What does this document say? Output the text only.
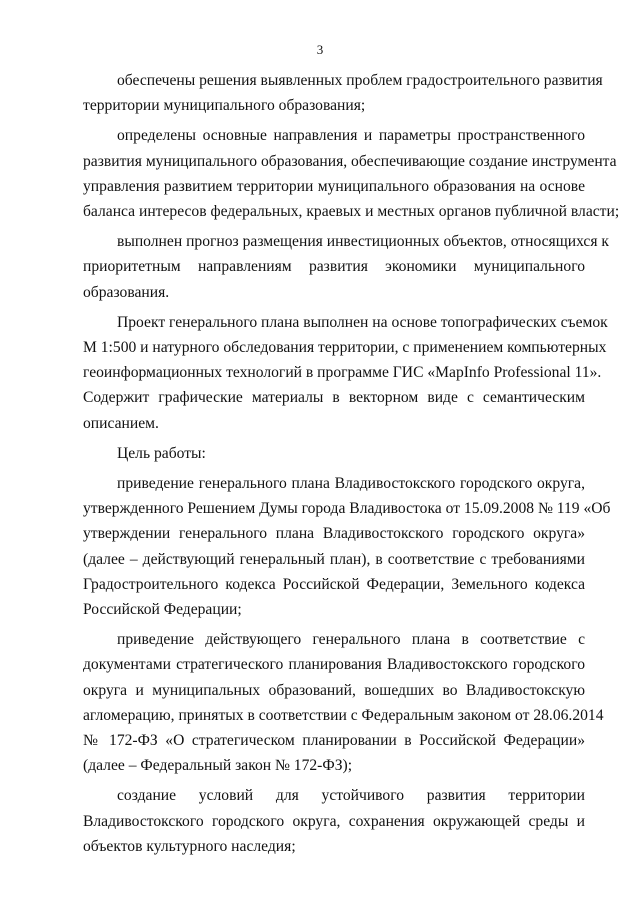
3
обеспечены решения выявленных проблем градостроительного развития
территории муниципального образования;
определены основные направления и параметры пространственного
развития муниципального образования, обеспечивающие создание инструмента
управления развитием территории муниципального образования на основе
баланса интересов федеральных, краевых и местных органов публичной власти;
выполнен прогноз размещения инвестиционных объектов, относящихся к
приоритетным направлениям развития экономики муниципального
образования.
Проект генерального плана выполнен на основе топографических съемок
М 1:500 и натурного обследования территории, с применением компьютерных
геоинформационных технологий в программе ГИС «MapInfo Professional 11».
Содержит графические материалы в векторном виде с семантическим
описанием.
Цель работы:
приведение генерального плана Владивостокского городского округа,
утвержденного Решением Думы города Владивостока от 15.09.2008 № 119 «Об
утверждении генерального плана Владивостокского городского округа»
(далее – действующий генеральный план), в соответствие с требованиями
Градостроительного кодекса Российской Федерации, Земельного кодекса
Российской Федерации;
приведение действующего генерального плана в соответствие с
документами стратегического планирования Владивостокского городского
округа и муниципальных образований, вошедших во Владивостокскую
агломерацию, принятых в соответствии с Федеральным законом от 28.06.2014
№ 172-ФЗ «О стратегическом планировании в Российской Федерации»
(далее – Федеральный закон № 172-ФЗ);
создание условий для устойчивого развития территории
Владивостокского городского округа, сохранения окружающей среды и
объектов культурного наследия;
